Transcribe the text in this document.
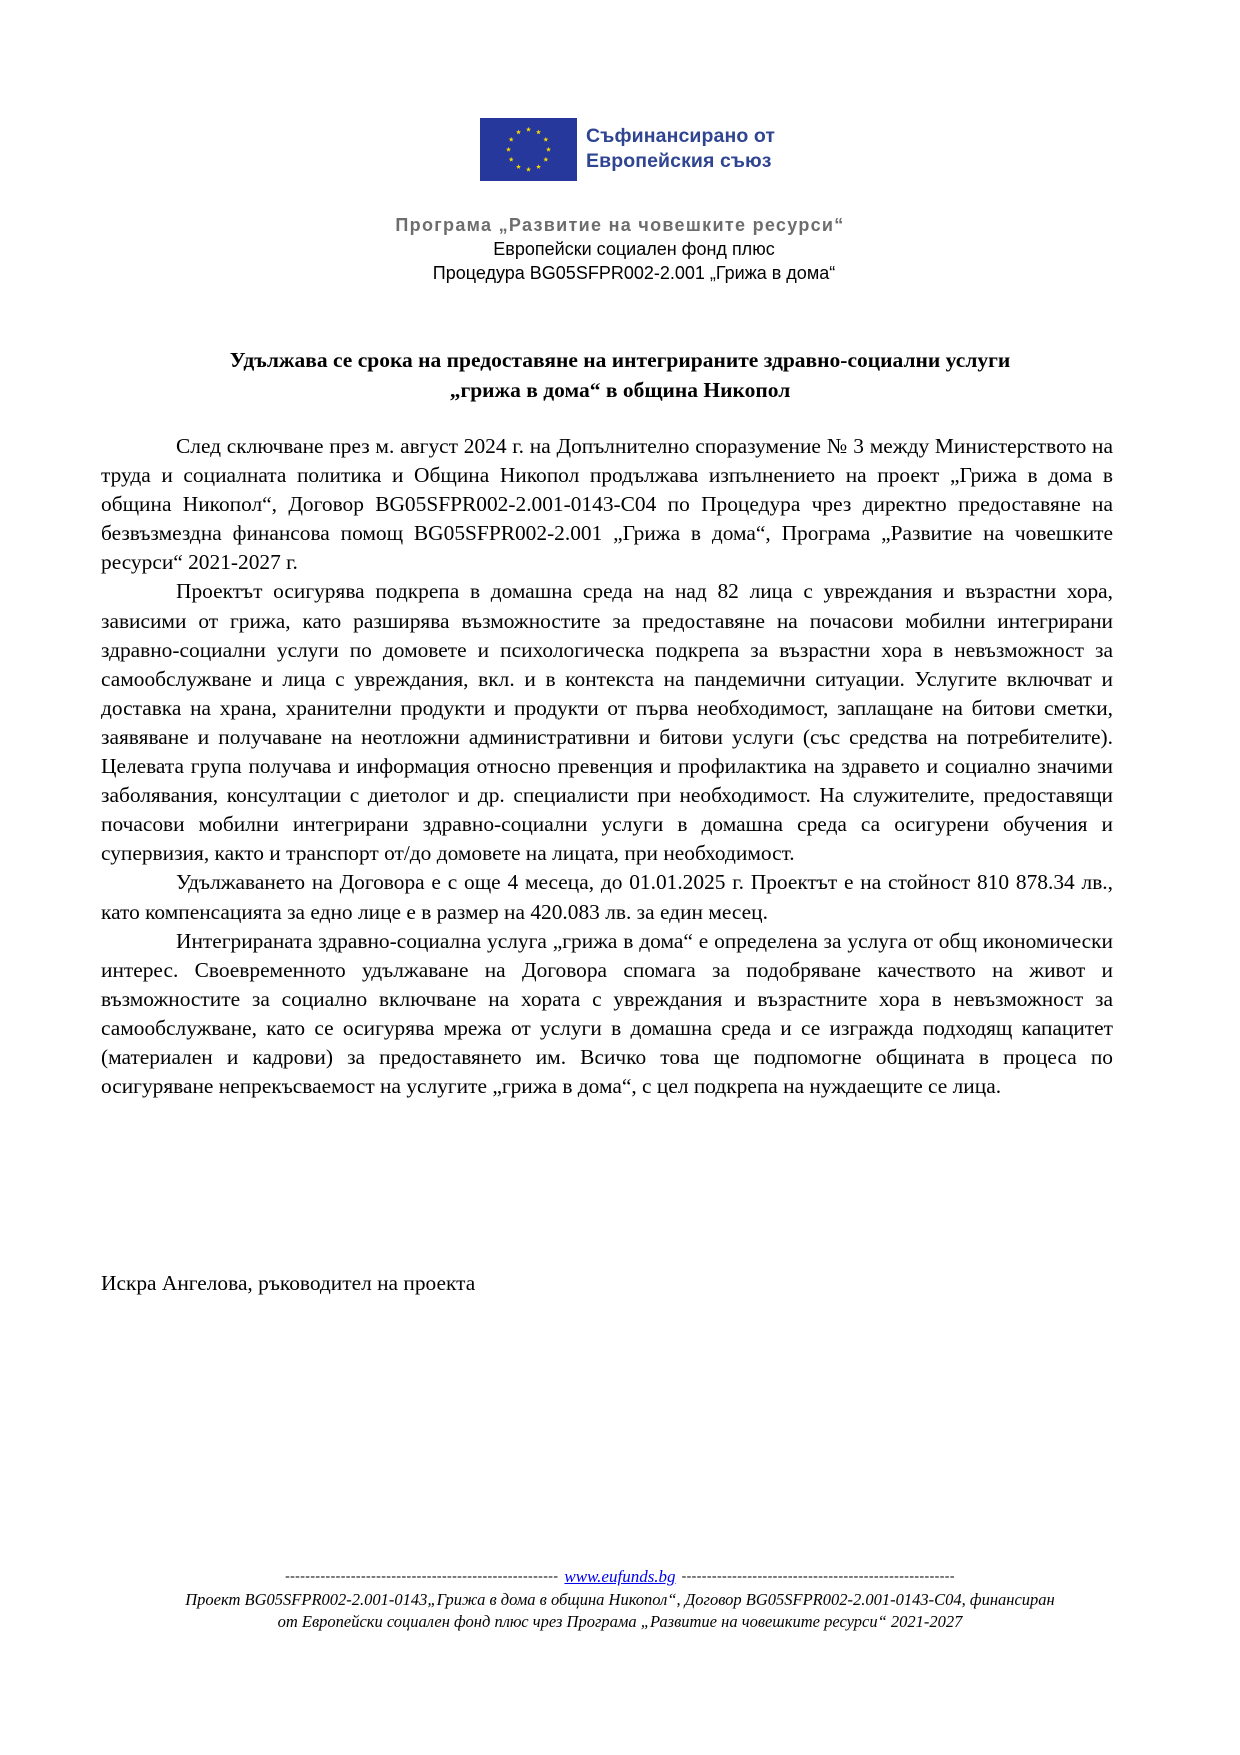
Съфинансирано от
Европейския съюз
Програма „Развитие на човешките ресурси“
Европейски социален фонд плюс
Процедура BG05SFPR002-2.001 „Грижа в дома“
Удължава се срока на предоставяне на интегрираните здравно-социални услуги
„грижа в дома“ в община Никопол

След сключване през м. август 2024 г. на Допълнително споразумение № 3 между Министерството на труда и социалната политика и Община Никопол продължава изпълнението на проект „Грижа в дома в община Никопол“, Договор BG05SFPR002-2.001-0143-С04 по Процедура чрез директно предоставяне на безвъзмездна финансова помощ BG05SFPR002-2.001 „Грижа в дома“, Програма „Развитие на човешките ресурси“ 2021-2027 г.

Проектът осигурява подкрепа в домашна среда на над 82 лица с увреждания и възрастни хора, зависими от грижа, като разширява възможностите за предоставяне на почасови мобилни интегрирани здравно-социални услуги по домовете и психологическа подкрепа за възрастни хора в невъзможност за самообслужване и лица с увреждания, вкл. и в контекста на пандемични ситуации. Услугите включват и доставка на храна, хранителни продукти и продукти от първа необходимост, заплащане на битови сметки, заявяване и получаване на неотложни административни и битови услуги (със средства на потребителите). Целевата група получава и информация относно превенция и профилактика на здравето и социално значими заболявания, консултации с диетолог и др. специалисти при необходимост. На служителите, предоставящи почасови мобилни интегрирани здравно-социални услуги в домашна среда са осигурени обучения и супервизия, както и транспорт от/до домовете на лицата, при необходимост.

Удължаването на Договора е с още 4 месеца, до 01.01.2025 г. Проектът е на стойност 810 878.34 лв., като компенсацията за едно лице е в размер на 420.083 лв. за един месец.

Интегрираната здравно-социална услуга „грижа в дома“ е определена за услуга от общ икономически интерес. Своевременното удължаване на Договора спомага за подобряване качеството на живот и възможностите за социално включване на хората с увреждания и възрастните хора в невъзможност за самообслужване, като се осигурява мрежа от услуги в домашна среда и се изгражда подходящ капацитет (материален и кадрови) за предоставянето им. Всичко това ще подпомогне общината в процеса по осигуряване непрекъсваемост на услугите „грижа в дома“, с цел подкрепа на нуждаещите се лица.

Искра Ангелова, ръководител на проекта
------------------------------------------------------ www.eufunds.bg ------------------------------------------------------
Проект BG05SFPR002-2.001-0143„Грижа в дома в община Никопол“, Договор BG05SFPR002-2.001-0143-С04, финансиран
от Европейски социален фонд плюс чрез Програма „Развитие на човешките ресурси“ 2021-2027
